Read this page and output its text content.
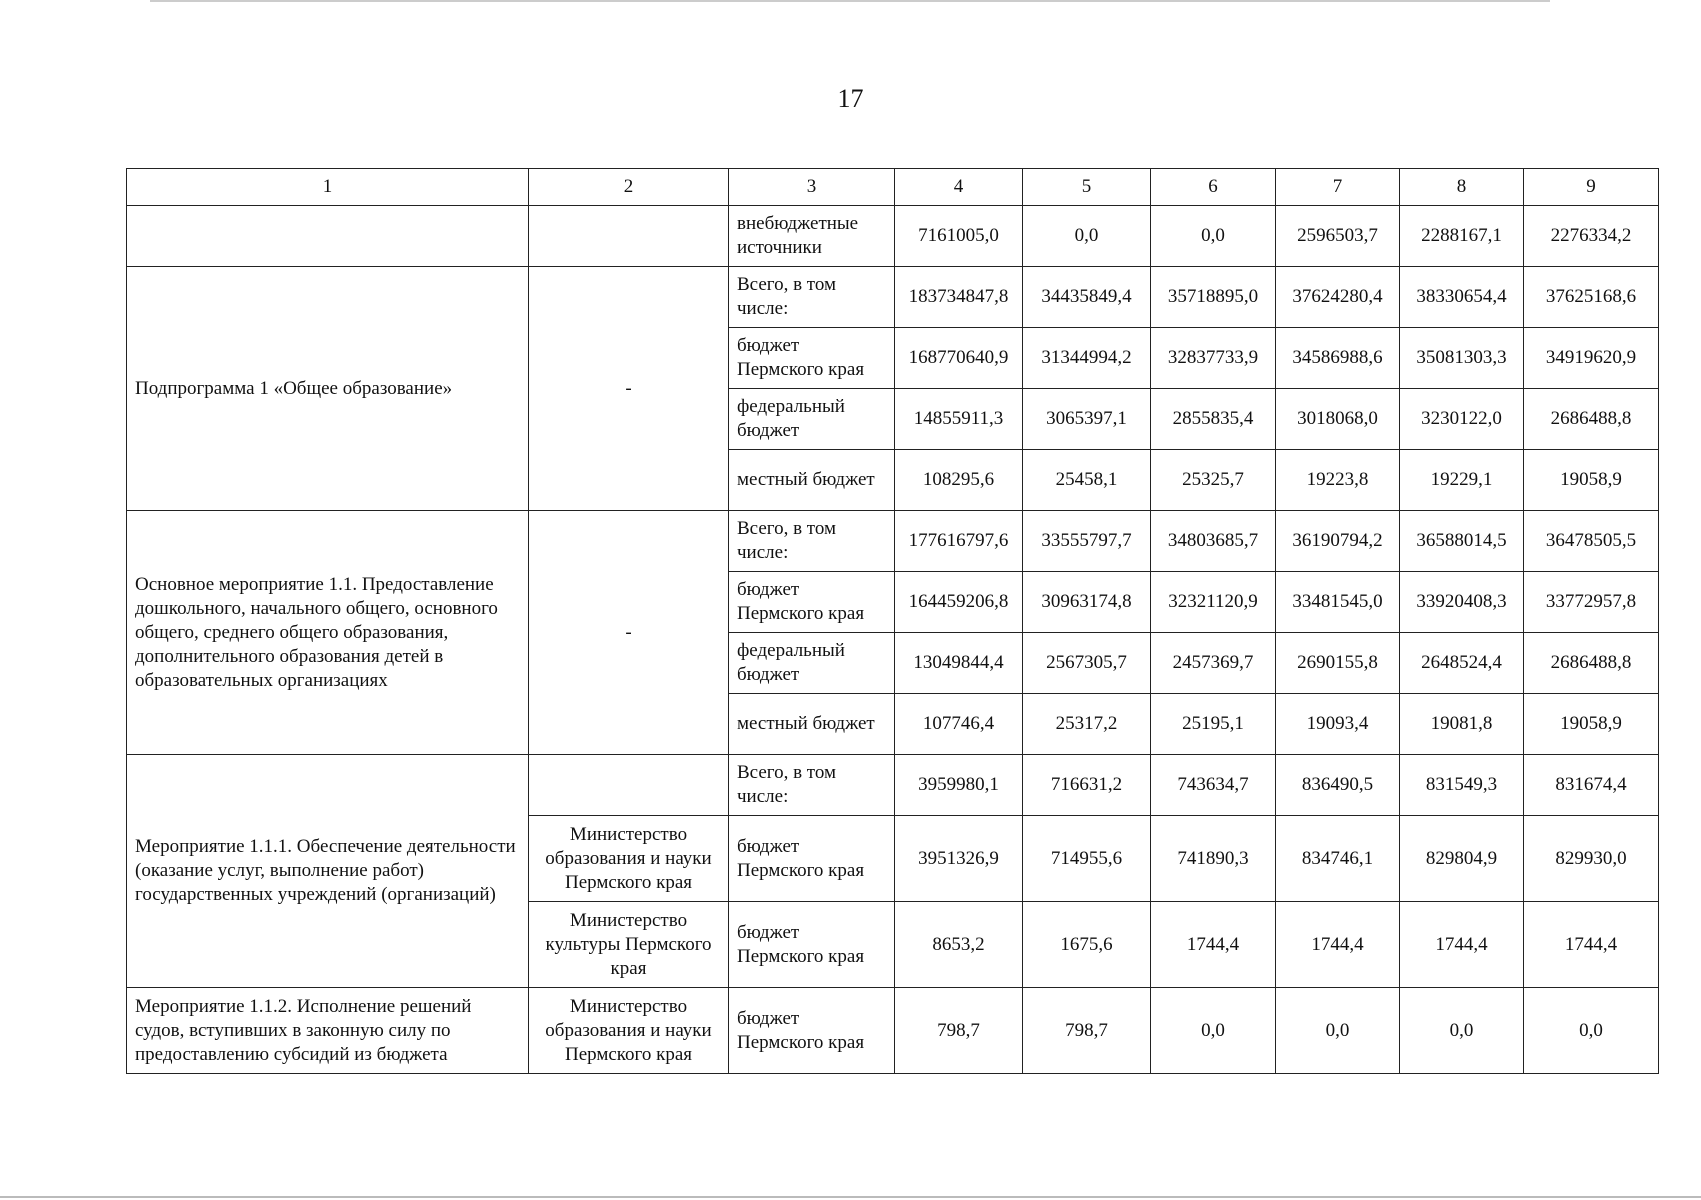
17
1	2	3	4	5	6	7	8	9
		внебюджетные источники	7161005,0	0,0	0,0	2596503,7	2288167,1	2276334,2
Подпрограмма 1 «Общее образование»	-	Всего, в том числе:	183734847,8	34435849,4	35718895,0	37624280,4	38330654,4	37625168,6
		бюджет Пермского края	168770640,9	31344994,2	32837733,9	34586988,6	35081303,3	34919620,9
		федеральный бюджет	14855911,3	3065397,1	2855835,4	3018068,0	3230122,0	2686488,8
		местный бюджет	108295,6	25458,1	25325,7	19223,8	19229,1	19058,9
Основное мероприятие 1.1. Предоставление дошкольного, начального общего, основного общего, среднего общего образования, дополнительного образования детей в образовательных организациях	-	Всего, в том числе:	177616797,6	33555797,7	34803685,7	36190794,2	36588014,5	36478505,5
		бюджет Пермского края	164459206,8	30963174,8	32321120,9	33481545,0	33920408,3	33772957,8
		федеральный бюджет	13049844,4	2567305,7	2457369,7	2690155,8	2648524,4	2686488,8
		местный бюджет	107746,4	25317,2	25195,1	19093,4	19081,8	19058,9
Мероприятие 1.1.1. Обеспечение деятельности (оказание услуг, выполнение работ) государственных учреждений (организаций)		Всего, в том числе:	3959980,1	716631,2	743634,7	836490,5	831549,3	831674,4
	Министерство образования и науки Пермского края	бюджет Пермского края	3951326,9	714955,6	741890,3	834746,1	829804,9	829930,0
	Министерство культуры Пермского края	бюджет Пермского края	8653,2	1675,6	1744,4	1744,4	1744,4	1744,4
Мероприятие 1.1.2. Исполнение решений судов, вступивших в законную силу по предоставлению субсидий из бюджета	Министерство образования и науки Пермского края	бюджет Пермского края	798,7	798,7	0,0	0,0	0,0	0,0
